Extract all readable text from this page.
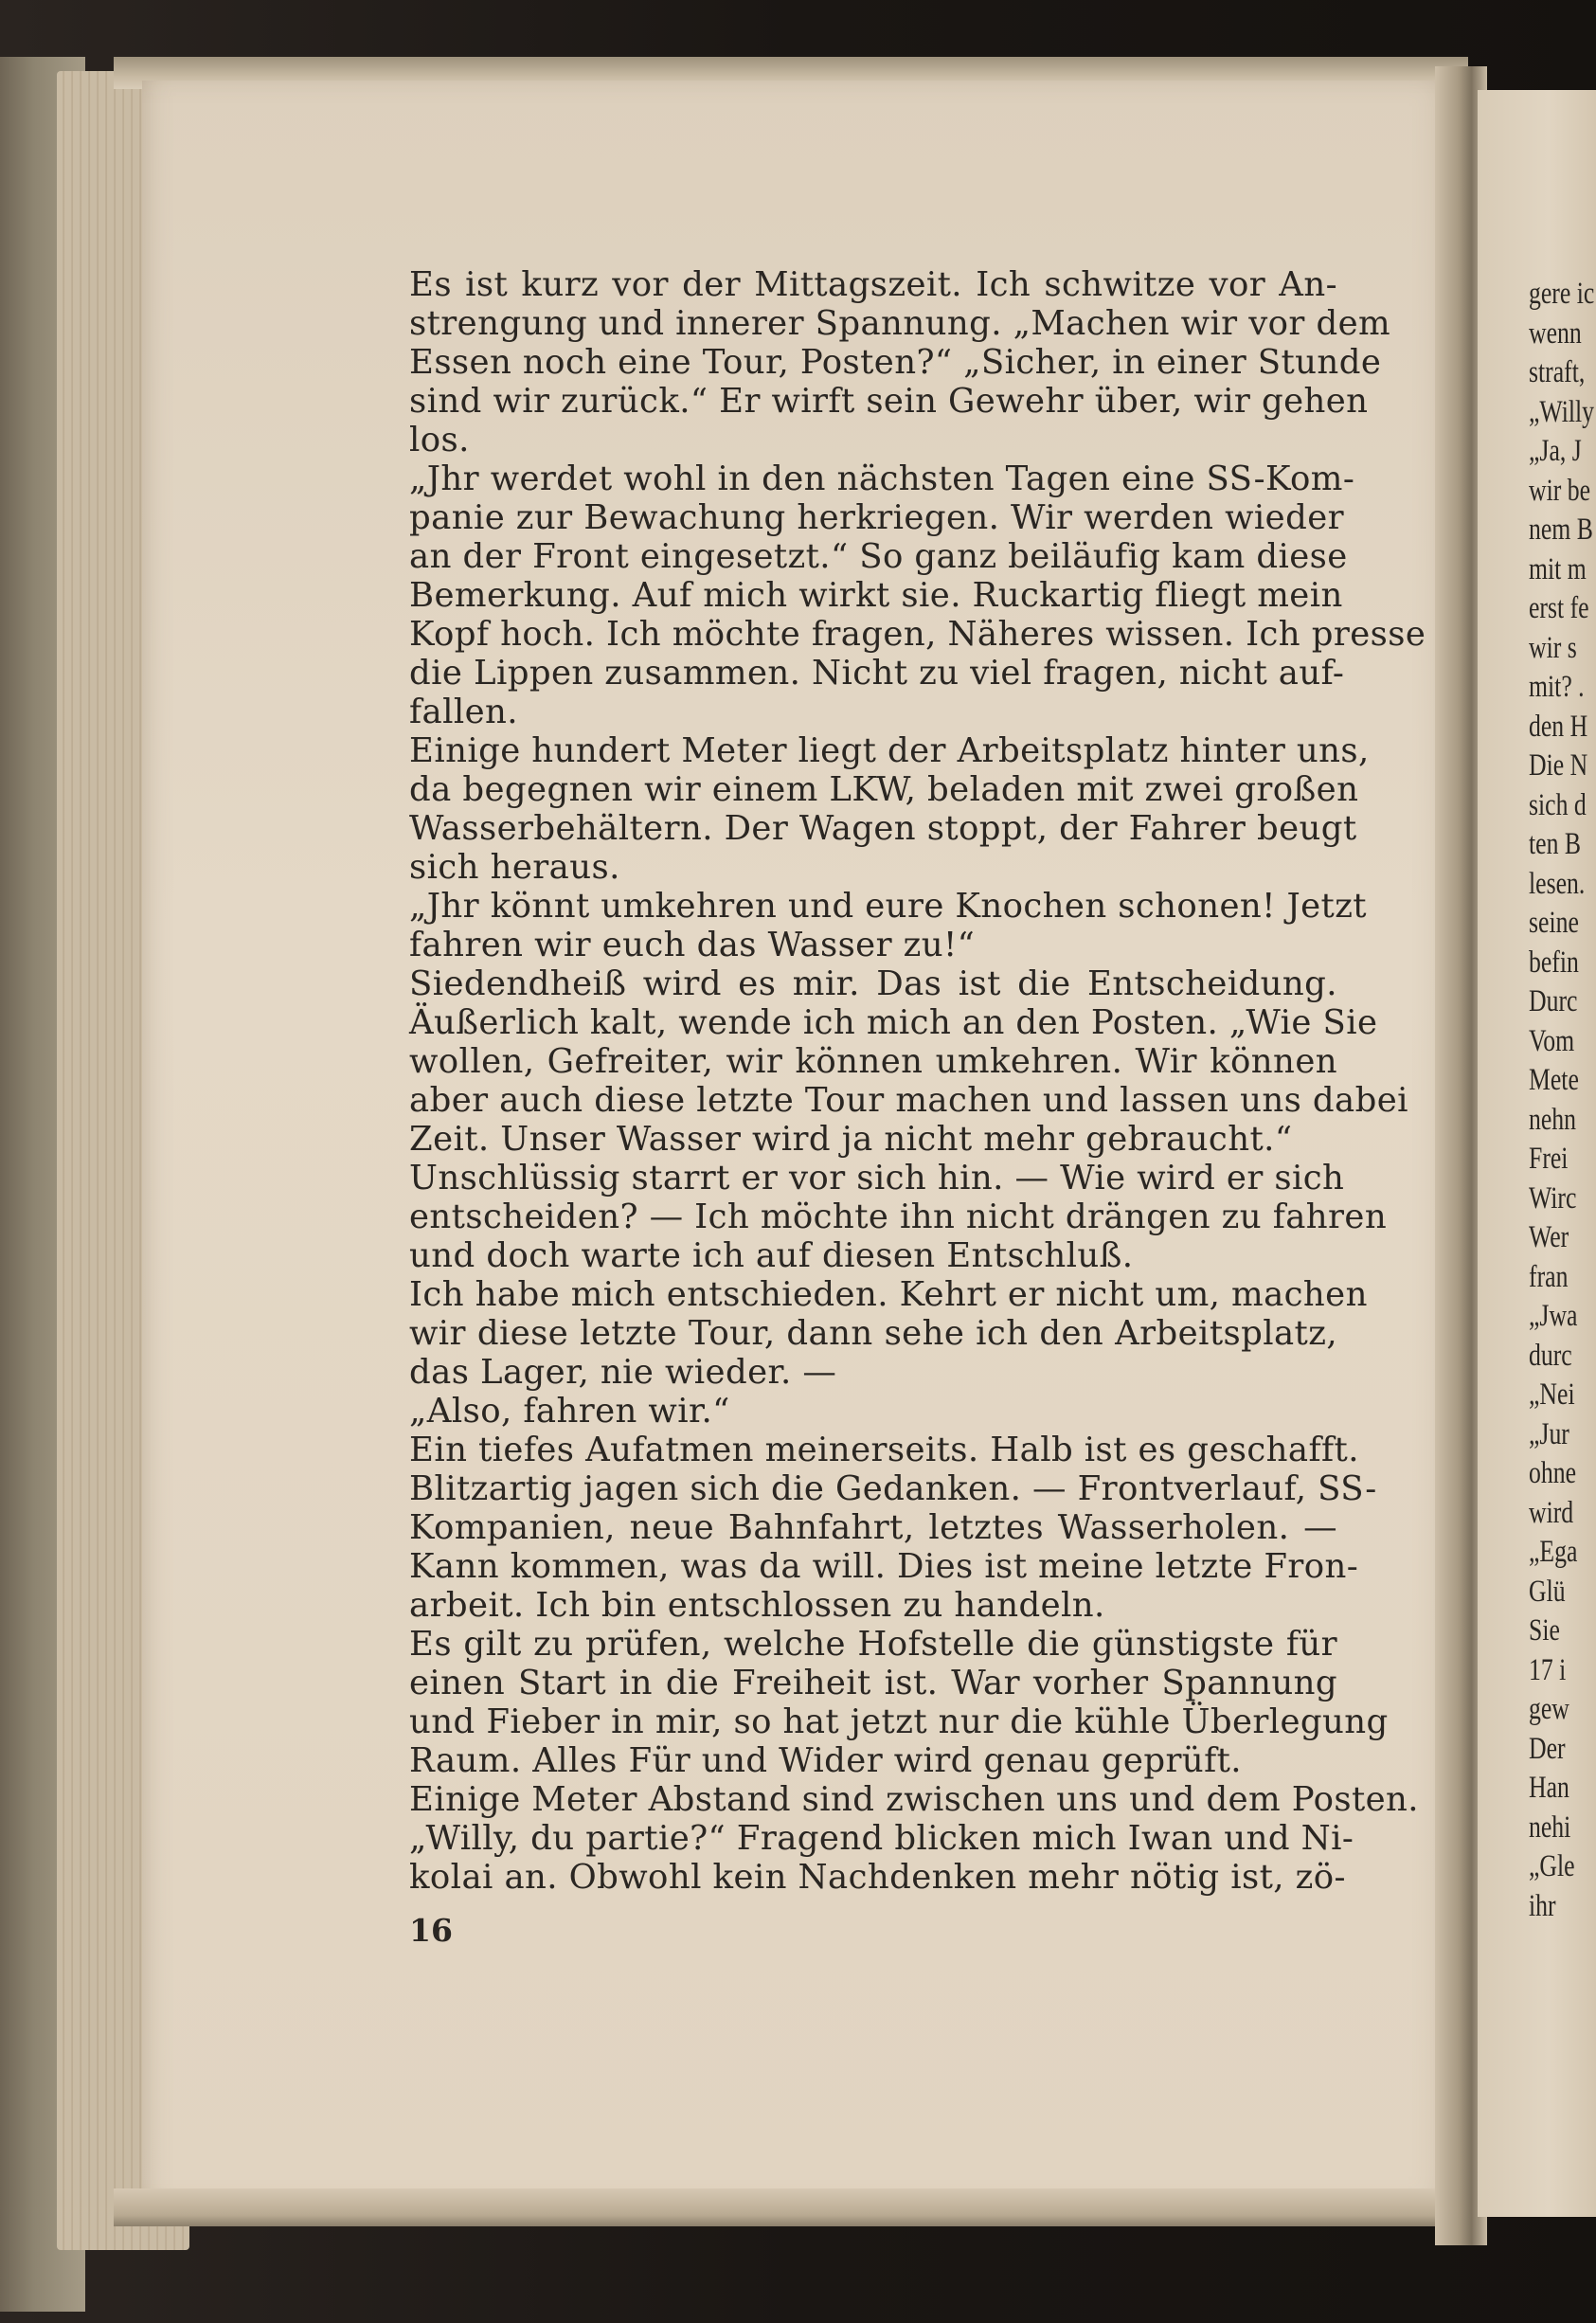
Es ist kurz vor der Mittagszeit. Ich schwitze vor An-
strengung und innerer Spannung. „Machen wir vor dem
Essen noch eine Tour, Posten?“ „Sicher, in einer Stunde
sind wir zurück.“ Er wirft sein Gewehr über, wir gehen
los.
„Jhr werdet wohl in den nächsten Tagen eine SS-Kom-
panie zur Bewachung herkriegen. Wir werden wieder
an der Front eingesetzt.“ So ganz beiläufig kam diese
Bemerkung. Auf mich wirkt sie. Ruckartig fliegt mein
Kopf hoch. Ich möchte fragen, Näheres wissen. Ich presse
die Lippen zusammen. Nicht zu viel fragen, nicht auf-
fallen.
Einige hundert Meter liegt der Arbeitsplatz hinter uns,
da begegnen wir einem LKW, beladen mit zwei großen
Wasserbehältern. Der Wagen stoppt, der Fahrer beugt
sich heraus.
„Jhr könnt umkehren und eure Knochen schonen! Jetzt
fahren wir euch das Wasser zu!“
Siedendheiß wird es mir. Das ist die Entscheidung.
Äußerlich kalt, wende ich mich an den Posten. „Wie Sie
wollen, Gefreiter, wir können umkehren. Wir können
aber auch diese letzte Tour machen und lassen uns dabei
Zeit. Unser Wasser wird ja nicht mehr gebraucht.“
Unschlüssig starrt er vor sich hin. — Wie wird er sich
entscheiden? — Ich möchte ihn nicht drängen zu fahren
und doch warte ich auf diesen Entschluß.
Ich habe mich entschieden. Kehrt er nicht um, machen
wir diese letzte Tour, dann sehe ich den Arbeitsplatz,
das Lager, nie wieder. —
„Also, fahren wir.“
Ein tiefes Aufatmen meinerseits. Halb ist es geschafft.
Blitzartig jagen sich die Gedanken. — Frontverlauf, SS-
Kompanien, neue Bahnfahrt, letztes Wasserholen. —
Kann kommen, was da will. Dies ist meine letzte Fron-
arbeit. Ich bin entschlossen zu handeln.
Es gilt zu prüfen, welche Hofstelle die günstigste für
einen Start in die Freiheit ist. War vorher Spannung
und Fieber in mir, so hat jetzt nur die kühle Überlegung
Raum. Alles Für und Wider wird genau geprüft.
Einige Meter Abstand sind zwischen uns und dem Posten.
„Willy, du partie?“ Fragend blicken mich Iwan und Ni-
kolai an. Obwohl kein Nachdenken mehr nötig ist, zö-
16
gere ic
wenn
straft,
„Willy
„Ja, J
wir be
nem B
mit m
erst fe
wir s
mit? .
den H
Die N
sich d
ten B
lesen.
seine
befin
Durc
Vom
Mete
nehn
Frei
Wirc
Wer
fran
„Jwa
durc
„Nei
„Jur
ohne
wird
„Ega
Glü
Sie
17 i
gew
Der
Han
nehi
„Gle
ihr
